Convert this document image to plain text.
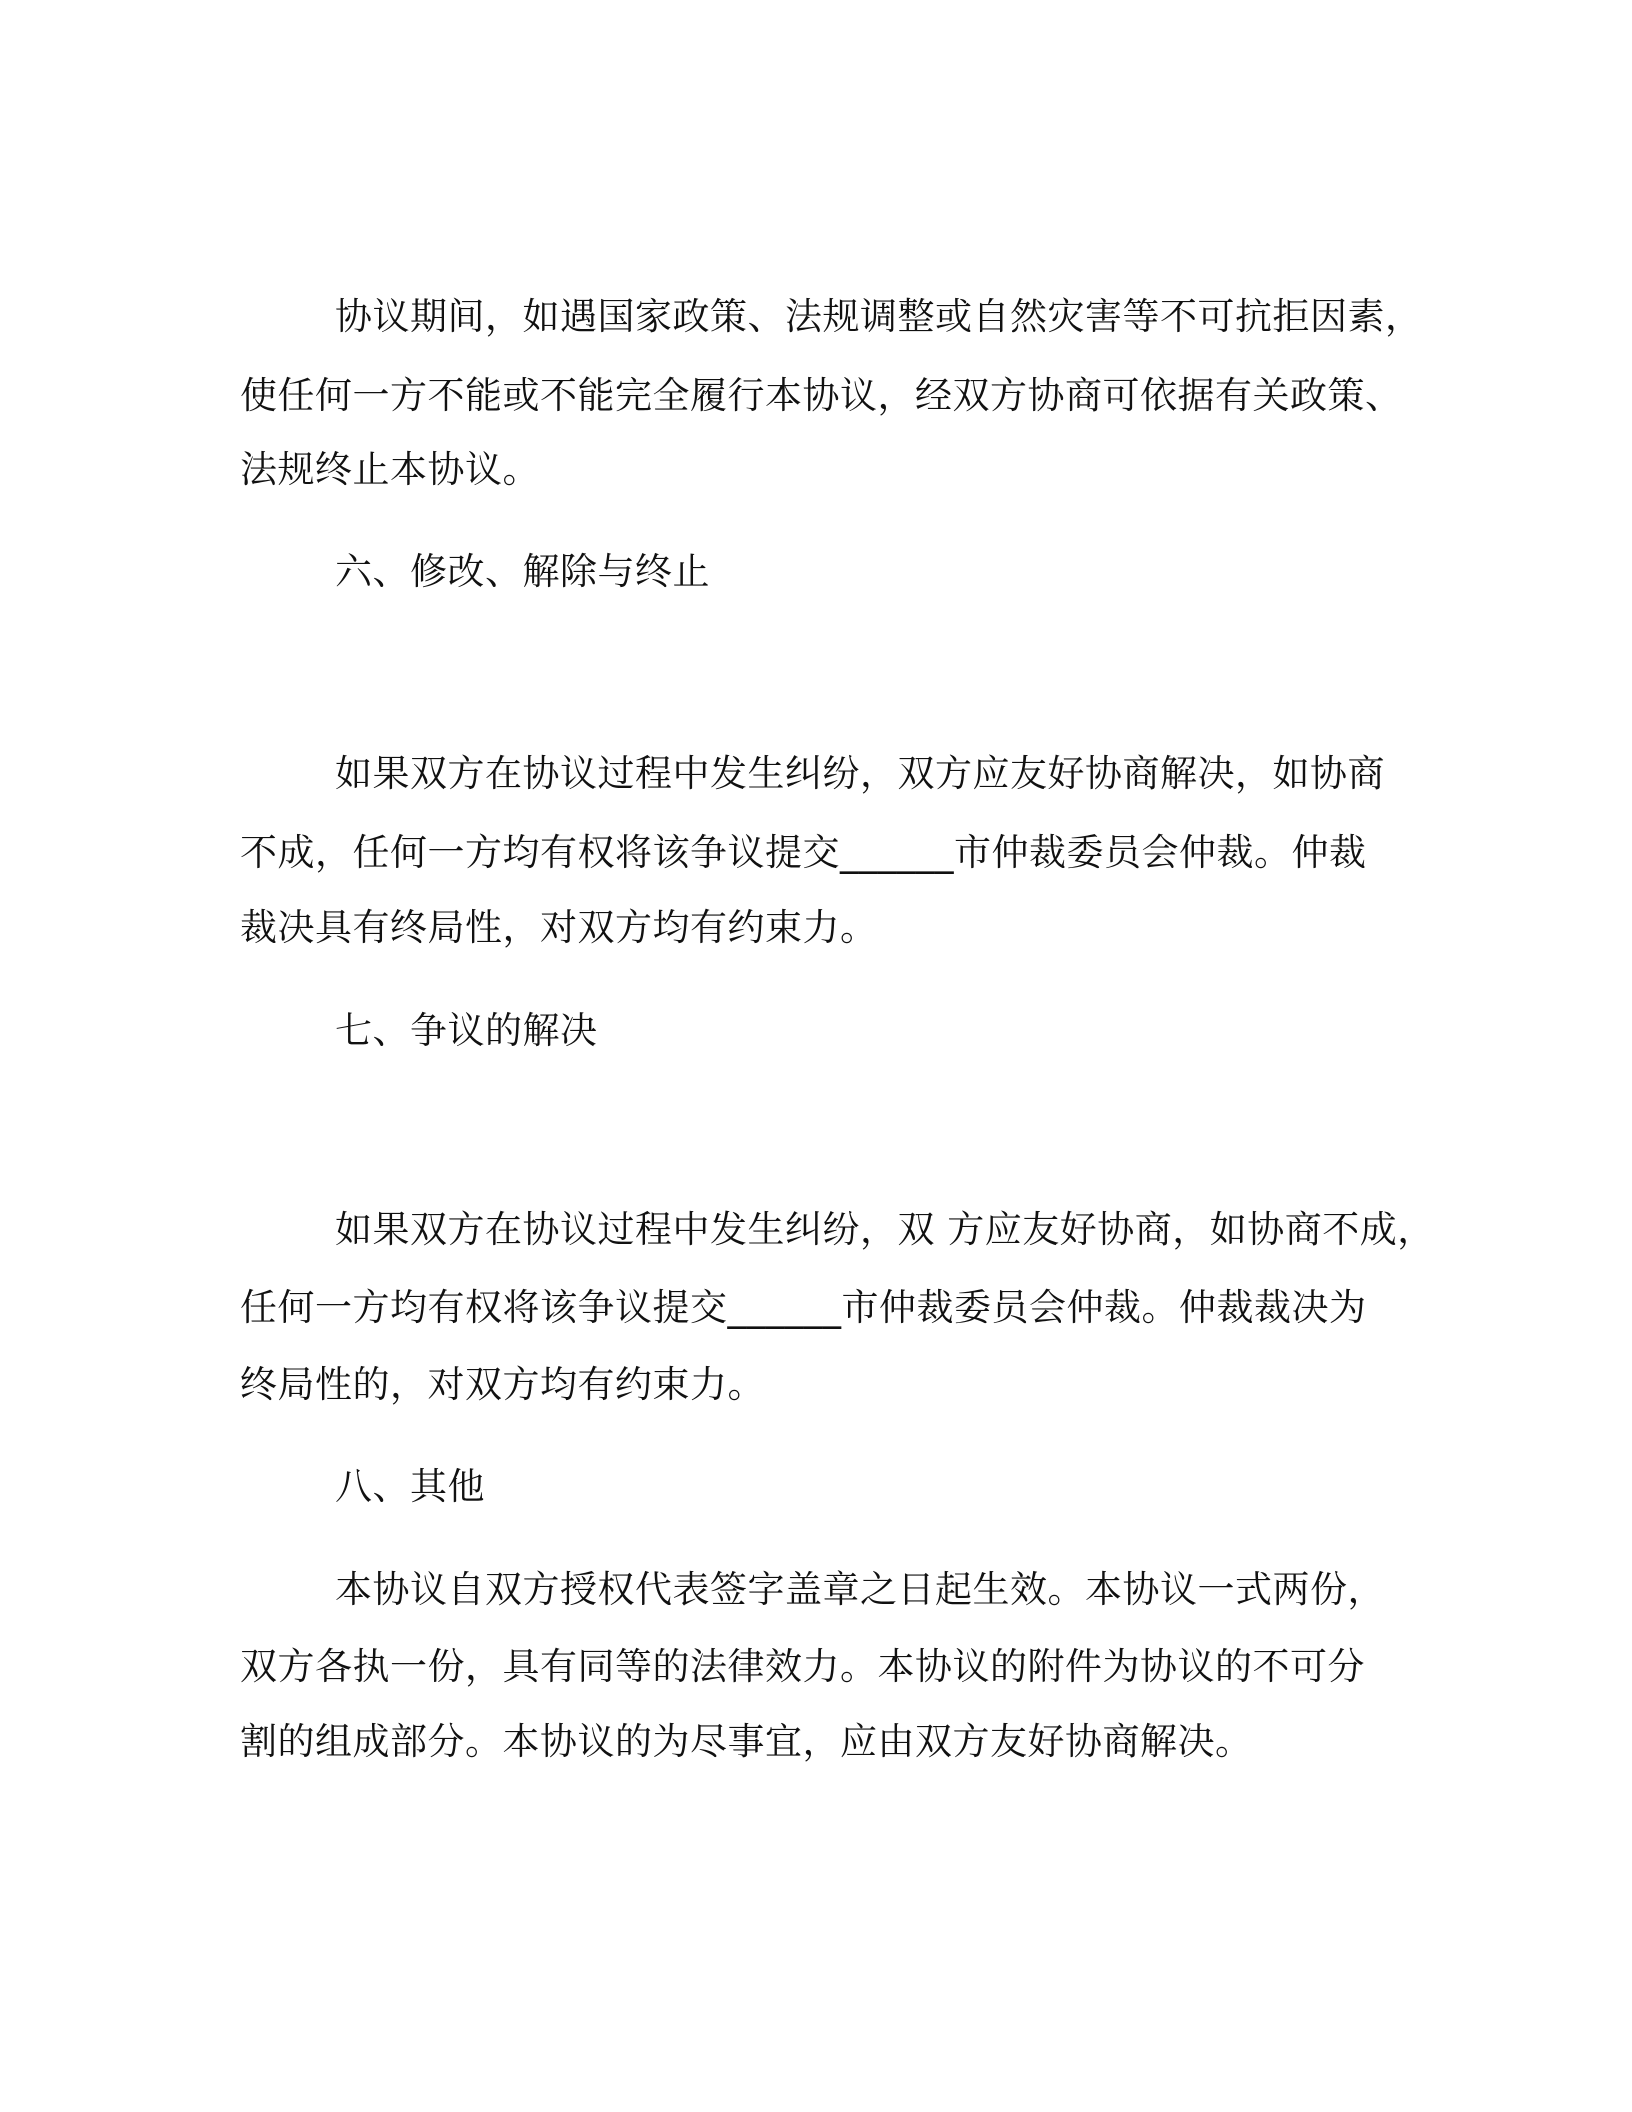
协议期间，如遇国家政策、法规调整或自然灾害等不可抗拒因素，
使任何一方不能或不能完全履行本协议，经双方协商可依据有关政策、
法规终止本协议。
六、修改、解除与终止
如果双方在协议过程中发生纠纷，双方应友好协商解决，如协商
不成，任何一方均有权将该争议提交______市仲裁委员会仲裁。仲裁
裁决具有终局性，对双方均有约束力。
七、争议的解决
如果双方在协议过程中发生纠纷，双 方应友好协商，如协商不成，
任何一方均有权将该争议提交______市仲裁委员会仲裁。仲裁裁决为
终局性的，对双方均有约束力。
八、其他
本协议自双方授权代表签字盖章之日起生效。本协议一式两份，
双方各执一份，具有同等的法律效力。本协议的附件为协议的不可分
割的组成部分。本协议的为尽事宜，应由双方友好协商解决。
